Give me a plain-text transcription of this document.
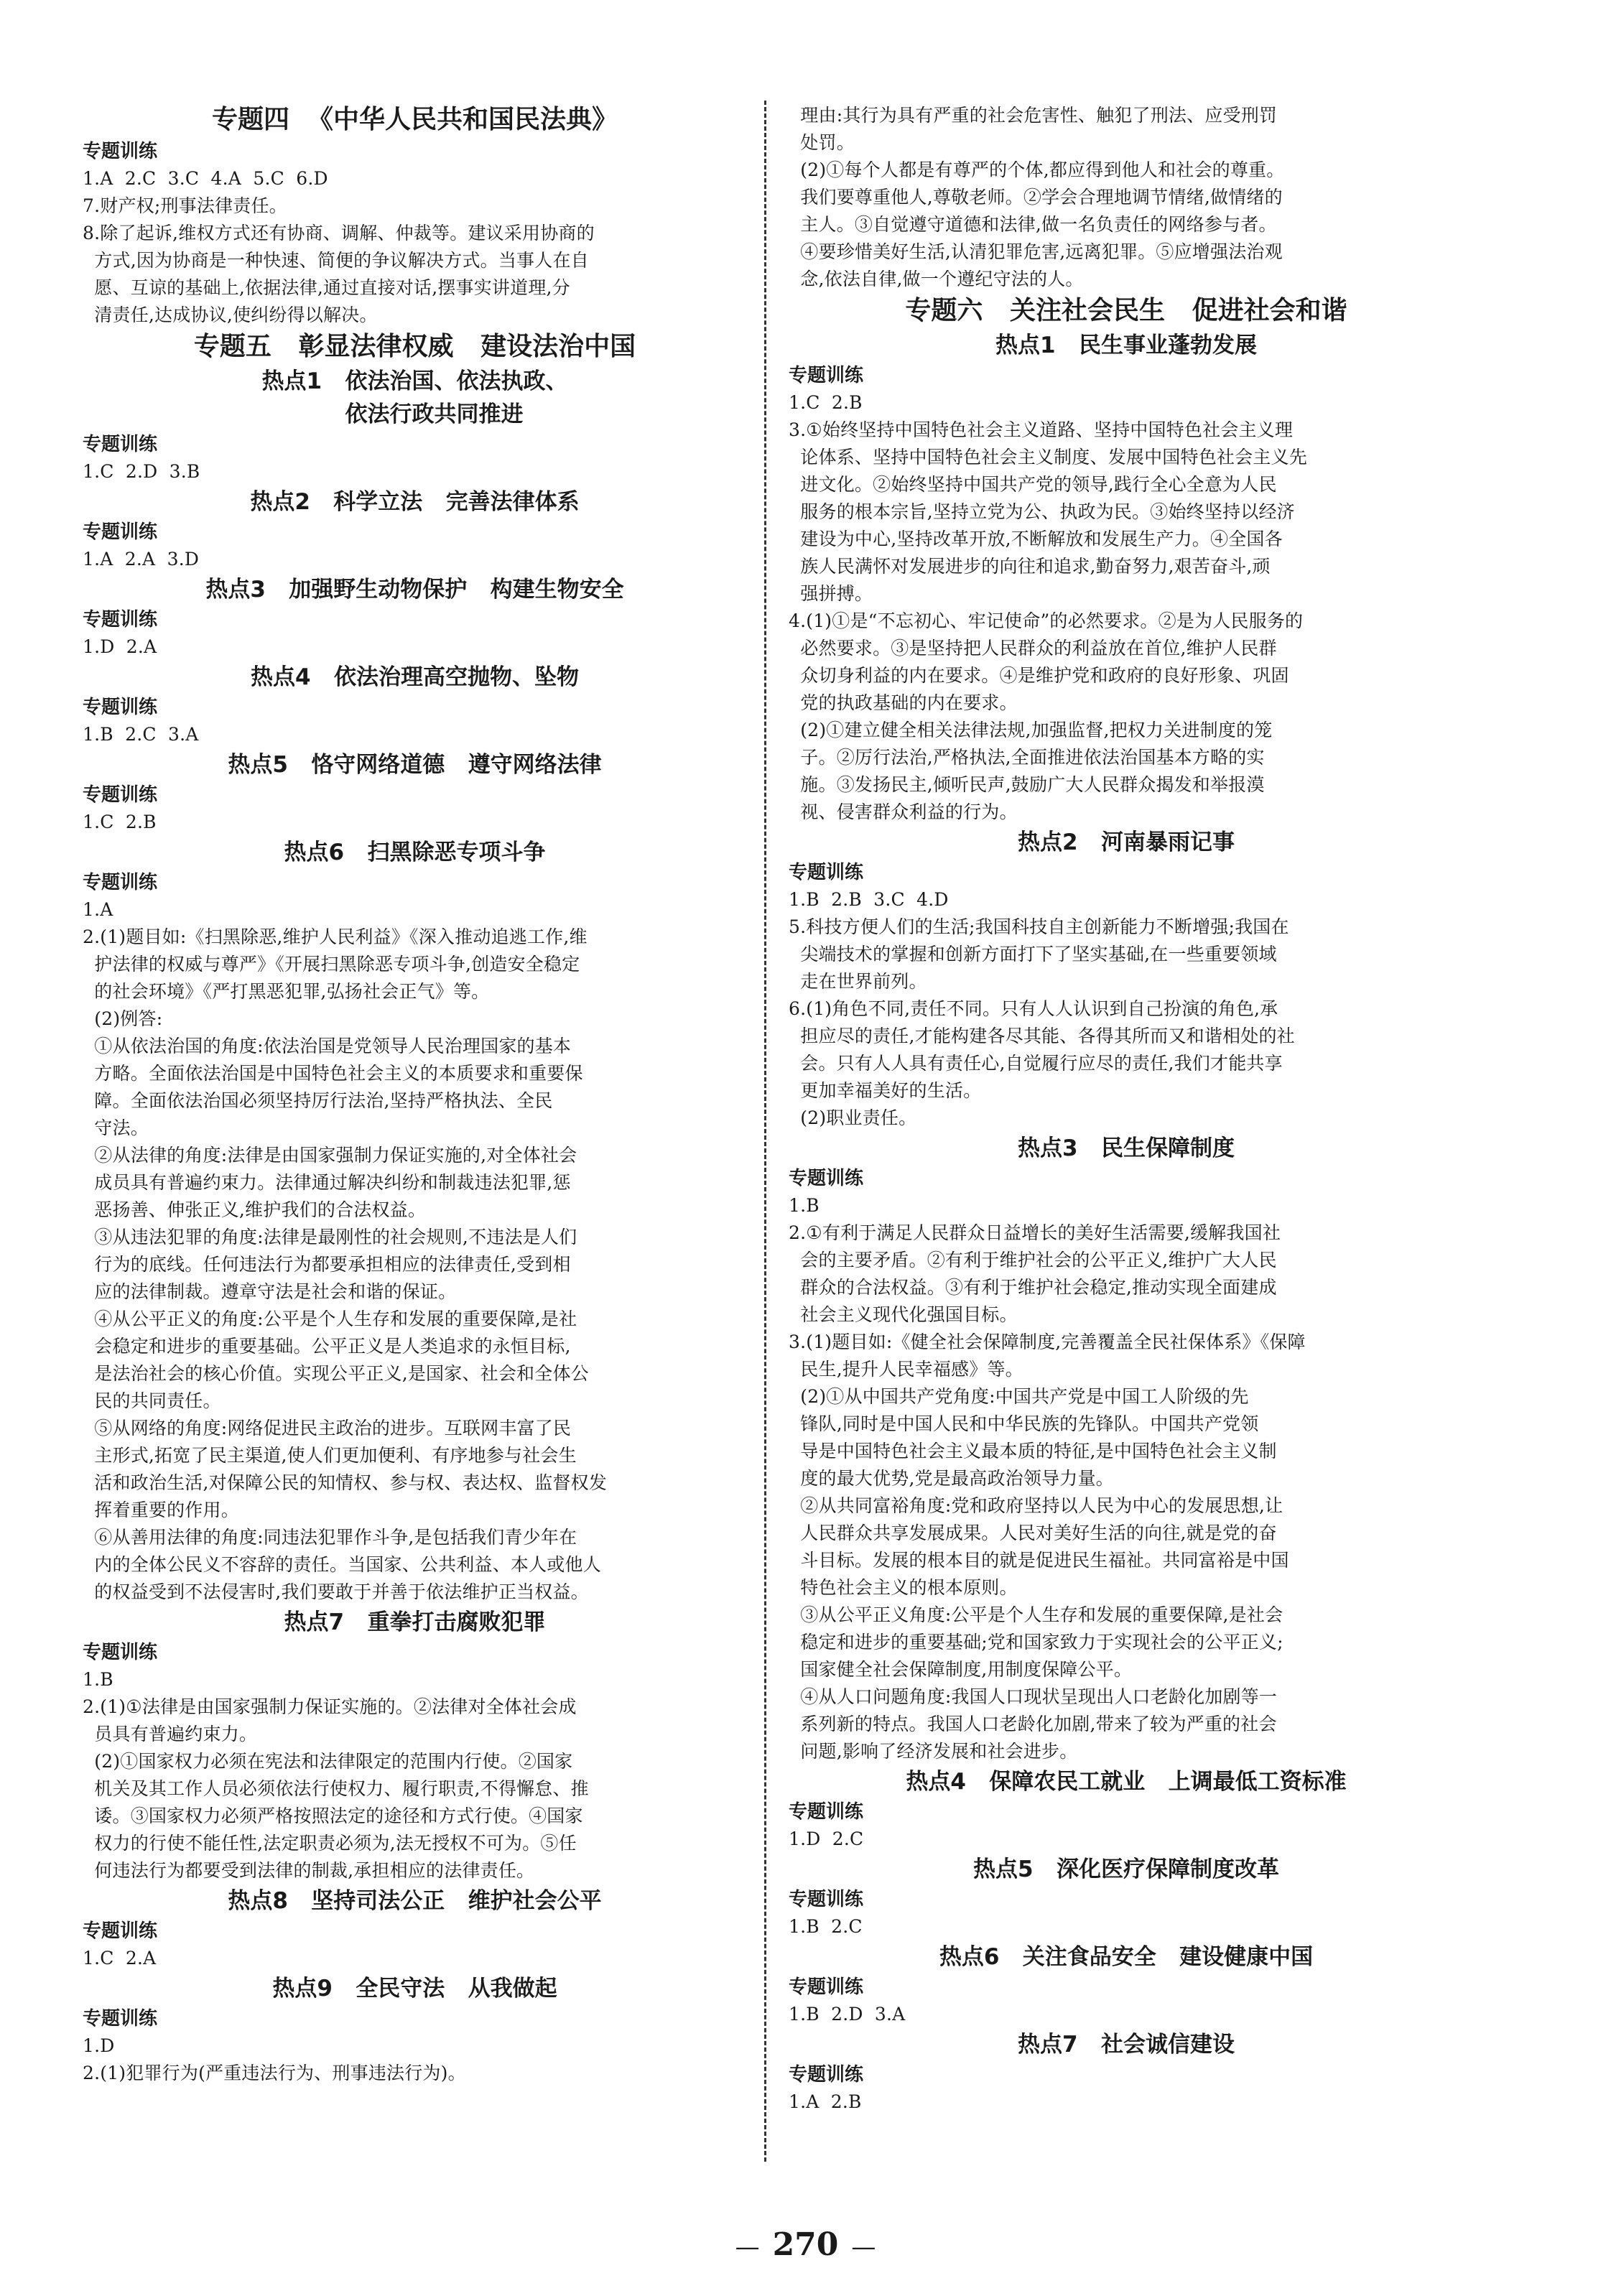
专题四  《中华人民共和国民法典》
专题训练
1.A  2.C  3.C  4.A  5.C  6.D
7.财产权;刑事法律责任。
8.除了起诉,维权方式还有协商、调解、仲裁等。建议采用协商的
方式,因为协商是一种快速、简便的争议解决方式。当事人在自
愿、互谅的基础上,依据法律,通过直接对话,摆事实讲道理,分
清责任,达成协议,使纠纷得以解决。
专题五   彰显法律权威   建设法治中国
热点1   依法治国、依法执政、
依法行政共同推进
专题训练
1.C  2.D  3.B
热点2   科学立法   完善法律体系
专题训练
1.A  2.A  3.D
热点3   加强野生动物保护   构建生物安全
专题训练
1.D  2.A
热点4   依法治理高空抛物、坠物
专题训练
1.B  2.C  3.A
热点5   恪守网络道德   遵守网络法律
专题训练
1.C  2.B
热点6   扫黑除恶专项斗争
专题训练
1.A
2.(1)题目如:《扫黑除恶,维护人民利益》《深入推动追逃工作,维
护法律的权威与尊严》《开展扫黑除恶专项斗争,创造安全稳定
的社会环境》《严打黑恶犯罪,弘扬社会正气》等。
(2)例答:
①从依法治国的角度:依法治国是党领导人民治理国家的基本
方略。全面依法治国是中国特色社会主义的本质要求和重要保
障。全面依法治国必须坚持厉行法治,坚持严格执法、全民
守法。
②从法律的角度:法律是由国家强制力保证实施的,对全体社会
成员具有普遍约束力。法律通过解决纠纷和制裁违法犯罪,惩
恶扬善、伸张正义,维护我们的合法权益。
③从违法犯罪的角度:法律是最刚性的社会规则,不违法是人们
行为的底线。任何违法行为都要承担相应的法律责任,受到相
应的法律制裁。遵章守法是社会和谐的保证。
④从公平正义的角度:公平是个人生存和发展的重要保障,是社
会稳定和进步的重要基础。公平正义是人类追求的永恒目标,
是法治社会的核心价值。实现公平正义,是国家、社会和全体公
民的共同责任。
⑤从网络的角度:网络促进民主政治的进步。互联网丰富了民
主形式,拓宽了民主渠道,使人们更加便利、有序地参与社会生
活和政治生活,对保障公民的知情权、参与权、表达权、监督权发
挥着重要的作用。
⑥从善用法律的角度:同违法犯罪作斗争,是包括我们青少年在
内的全体公民义不容辞的责任。当国家、公共利益、本人或他人
的权益受到不法侵害时,我们要敢于并善于依法维护正当权益。
热点7   重拳打击腐败犯罪
专题训练
1.B
2.(1)①法律是由国家强制力保证实施的。②法律对全体社会成
员具有普遍约束力。
(2)①国家权力必须在宪法和法律限定的范围内行使。②国家
机关及其工作人员必须依法行使权力、履行职责,不得懈怠、推
诿。③国家权力必须严格按照法定的途径和方式行使。④国家
权力的行使不能任性,法定职责必须为,法无授权不可为。⑤任
何违法行为都要受到法律的制裁,承担相应的法律责任。
热点8   坚持司法公正   维护社会公平
专题训练
1.C  2.A
热点9   全民守法   从我做起
专题训练
1.D
2.(1)犯罪行为(严重违法行为、刑事违法行为)。
理由:其行为具有严重的社会危害性、触犯了刑法、应受刑罚
处罚。
(2)①每个人都是有尊严的个体,都应得到他人和社会的尊重。
我们要尊重他人,尊敬老师。②学会合理地调节情绪,做情绪的
主人。③自觉遵守道德和法律,做一名负责任的网络参与者。
④要珍惜美好生活,认清犯罪危害,远离犯罪。⑤应增强法治观
念,依法自律,做一个遵纪守法的人。
专题六   关注社会民生   促进社会和谐
热点1   民生事业蓬勃发展
专题训练
1.C  2.B
3.①始终坚持中国特色社会主义道路、坚持中国特色社会主义理
论体系、坚持中国特色社会主义制度、发展中国特色社会主义先
进文化。②始终坚持中国共产党的领导,践行全心全意为人民
服务的根本宗旨,坚持立党为公、执政为民。③始终坚持以经济
建设为中心,坚持改革开放,不断解放和发展生产力。④全国各
族人民满怀对发展进步的向往和追求,勤奋努力,艰苦奋斗,顽
强拼搏。
4.(1)①是“不忘初心、牢记使命”的必然要求。②是为人民服务的
必然要求。③是坚持把人民群众的利益放在首位,维护人民群
众切身利益的内在要求。④是维护党和政府的良好形象、巩固
党的执政基础的内在要求。
(2)①建立健全相关法律法规,加强监督,把权力关进制度的笼
子。②厉行法治,严格执法,全面推进依法治国基本方略的实
施。③发扬民主,倾听民声,鼓励广大人民群众揭发和举报漠
视、侵害群众利益的行为。
热点2   河南暴雨记事
专题训练
1.B  2.B  3.C  4.D
5.科技方便人们的生活;我国科技自主创新能力不断增强;我国在
尖端技术的掌握和创新方面打下了坚实基础,在一些重要领域
走在世界前列。
6.(1)角色不同,责任不同。只有人人认识到自己扮演的角色,承
担应尽的责任,才能构建各尽其能、各得其所而又和谐相处的社
会。只有人人具有责任心,自觉履行应尽的责任,我们才能共享
更加幸福美好的生活。
(2)职业责任。
热点3   民生保障制度
专题训练
1.B
2.①有利于满足人民群众日益增长的美好生活需要,缓解我国社
会的主要矛盾。②有利于维护社会的公平正义,维护广大人民
群众的合法权益。③有利于维护社会稳定,推动实现全面建成
社会主义现代化强国目标。
3.(1)题目如:《健全社会保障制度,完善覆盖全民社保体系》《保障
民生,提升人民幸福感》等。
(2)①从中国共产党角度:中国共产党是中国工人阶级的先
锋队,同时是中国人民和中华民族的先锋队。中国共产党领
导是中国特色社会主义最本质的特征,是中国特色社会主义制
度的最大优势,党是最高政治领导力量。
②从共同富裕角度:党和政府坚持以人民为中心的发展思想,让
人民群众共享发展成果。人民对美好生活的向往,就是党的奋
斗目标。发展的根本目的就是促进民生福祉。共同富裕是中国
特色社会主义的根本原则。
③从公平正义角度:公平是个人生存和发展的重要保障,是社会
稳定和进步的重要基础;党和国家致力于实现社会的公平正义;
国家健全社会保障制度,用制度保障公平。
④从人口问题角度:我国人口现状呈现出人口老龄化加剧等一
系列新的特点。我国人口老龄化加剧,带来了较为严重的社会
问题,影响了经济发展和社会进步。
热点4   保障农民工就业   上调最低工资标准
专题训练
1.D  2.C
热点5   深化医疗保障制度改革
专题训练
1.B  2.C
热点6   关注食品安全   建设健康中国
专题训练
1.B  2.D  3.A
热点7   社会诚信建设
专题训练
1.A  2.B
— 270 —
